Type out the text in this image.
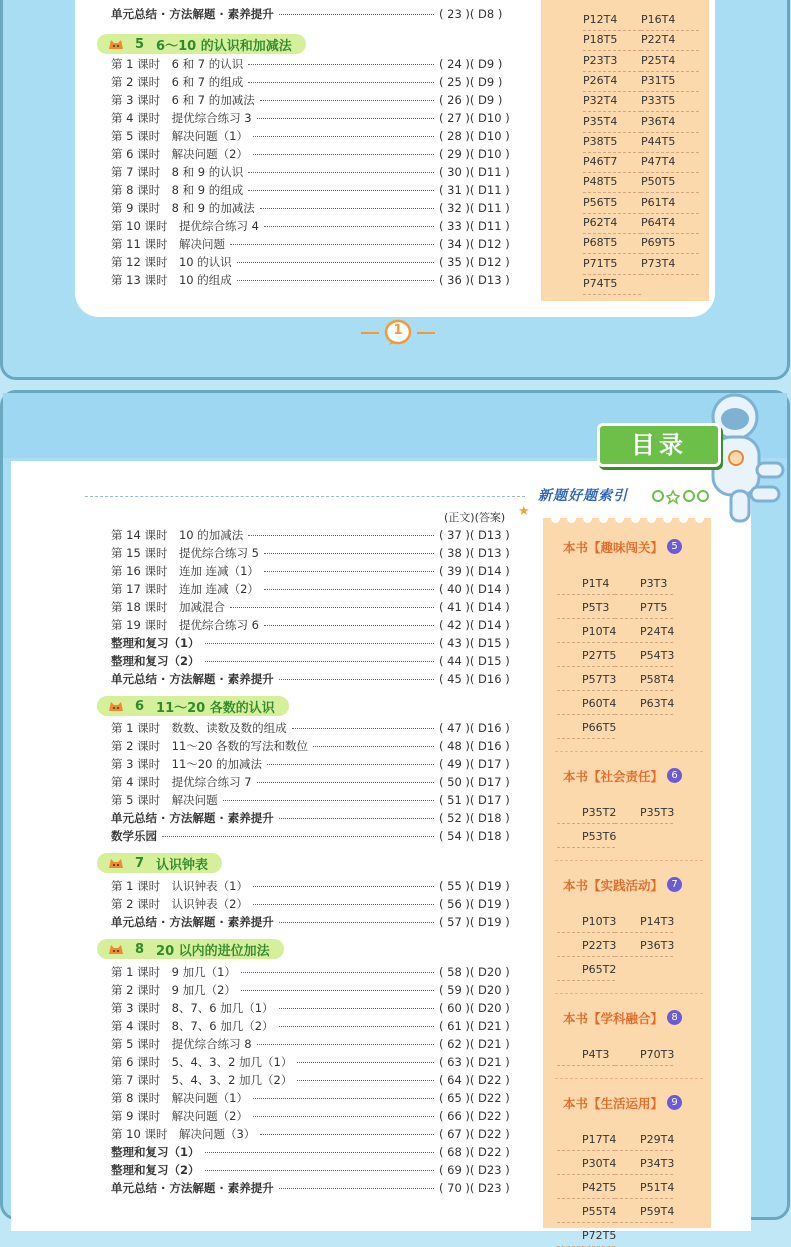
单元总结 · 方法解题 · 素养提升	( 23 )( D8 )
5 6～10 的认识和加减法
第 1 课时　6 和 7 的认识	( 24 )( D9 )
第 2 课时　6 和 7 的组成	( 25 )( D9 )
第 3 课时　6 和 7 的加减法	( 26 )( D9 )
第 4 课时　提优综合练习 3	( 27 )( D10 )
第 5 课时　解决问题（1）	( 28 )( D10 )
第 6 课时　解决问题（2）	( 29 )( D10 )
第 7 课时　8 和 9 的认识	( 30 )( D11 )
第 8 课时　8 和 9 的组成	( 31 )( D11 )
第 9 课时　8 和 9 的加减法	( 32 )( D11 )
第 10 课时　提优综合练习 4	( 33 )( D11 )
第 11 课时　解决问题	( 34 )( D12 )
第 12 课时　10 的认识	( 35 )( D12 )
第 13 课时　10 的组成	( 36 )( D13 )
P12T4	P16T4
P18T5	P22T4
P23T3	P25T4
P26T4	P31T5
P32T4	P33T5
P35T4	P36T4
P38T5	P44T5
P46T7	P47T4
P48T5	P50T5
P56T5	P61T4
P62T4	P64T4
P68T5	P69T5
P71T5	P73T4
P74T5
1
目录
新题好题索引
(正文)(答案) ★
第 14 课时　10 的加减法	( 37 )( D13 )
第 15 课时　提优综合练习 5	( 38 )( D13 )
第 16 课时　连加 连减（1）	( 39 )( D14 )
第 17 课时　连加 连减（2）	( 40 )( D14 )
第 18 课时　加减混合	( 41 )( D14 )
第 19 课时　提优综合练习 6	( 42 )( D14 )
整理和复习（1）	( 43 )( D15 )
整理和复习（2）	( 44 )( D15 )
单元总结 · 方法解题 · 素养提升	( 45 )( D16 )
6 11～20 各数的认识
第 1 课时　数数、读数及数的组成	( 47 )( D16 )
第 2 课时　11～20 各数的写法和数位	( 48 )( D16 )
第 3 课时　11～20 的加减法	( 49 )( D17 )
第 4 课时　提优综合练习 7	( 50 )( D17 )
第 5 课时　解决问题	( 51 )( D17 )
单元总结 · 方法解题 · 素养提升	( 52 )( D18 )
数学乐园	( 54 )( D18 )
7 认识钟表
第 1 课时　认识钟表（1）	( 55 )( D19 )
第 2 课时　认识钟表（2）	( 56 )( D19 )
单元总结 · 方法解题 · 素养提升	( 57 )( D19 )
8 20 以内的进位加法
第 1 课时　9 加几（1）	( 58 )( D20 )
第 2 课时　9 加几（2）	( 59 )( D20 )
第 3 课时　8、7、6 加几（1）	( 60 )( D20 )
第 4 课时　8、7、6 加几（2）	( 61 )( D21 )
第 5 课时　提优综合练习 8	( 62 )( D21 )
第 6 课时　5、4、3、2 加几（1）	( 63 )( D21 )
第 7 课时　5、4、3、2 加几（2）	( 64 )( D22 )
第 8 课时　解决问题（1）	( 65 )( D22 )
第 9 课时　解决问题（2）	( 66 )( D22 )
第 10 课时　解决问题（3）	( 67 )( D22 )
整理和复习（1）	( 68 )( D22 )
整理和复习（2）	( 69 )( D23 )
单元总结 · 方法解题 · 素养提升	( 70 )( D23 )
本书【趣味闯关】 5
P1T4	P3T3
P5T3	P7T5
P10T4	P24T4
P27T5	P54T3
P57T3	P58T4
P60T4	P63T4
P66T5
本书【社会责任】 6
P35T2	P35T3
P53T6
本书【实践活动】 7
P10T3	P14T3
P22T3	P36T3
P65T2
本书【学科融合】 8
P4T3	P70T3
本书【生活运用】 9
P17T4	P29T4
P30T4	P34T3
P42T5	P51T4
P55T4	P59T4
P72T5
